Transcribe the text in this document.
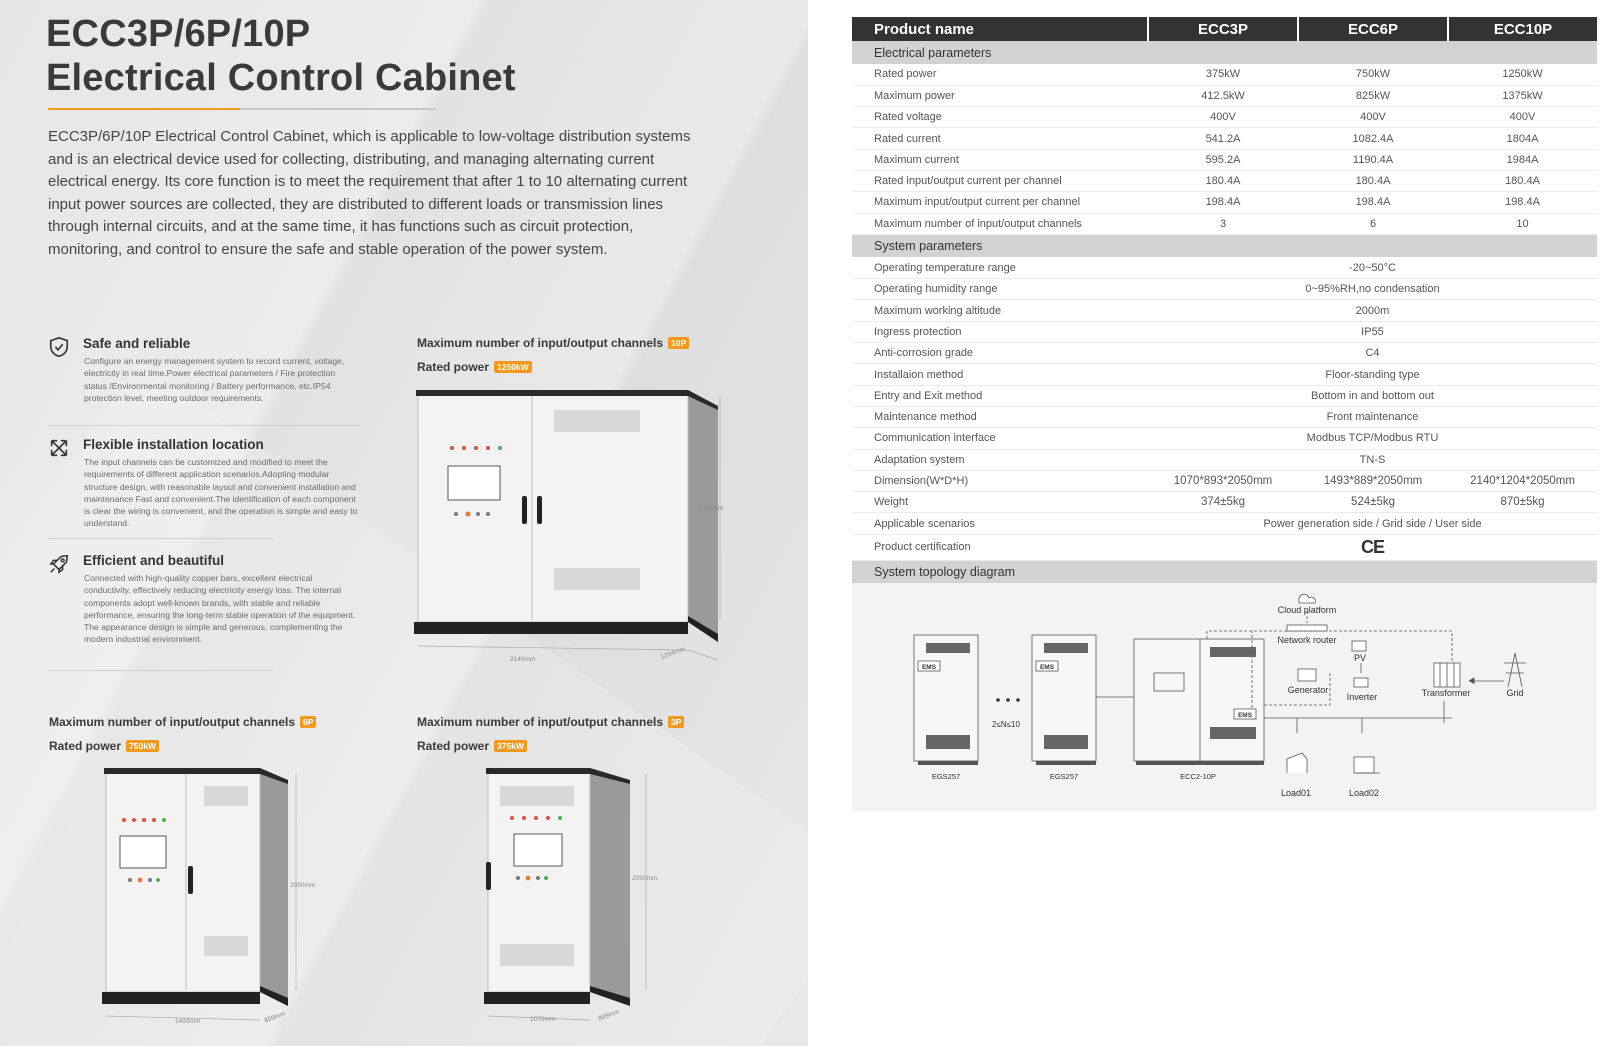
ECC3P/6P/10P
Electrical Control Cabinet

ECC3P/6P/10P Electrical Control Cabinet, which is applicable to low-voltage distribution systems and is an electrical device used for collecting, distributing, and managing alternating current electrical energy. Its core function is to meet the requirement that after 1 to 10 alternating current input power sources are collected, they are distributed to different loads or transmission lines through internal circuits, and at the same time, it has functions such as circuit protection, monitoring, and control to ensure the safe and stable operation of the power system.

Safe and reliable

Configure an energy management system to record current, voltage, electricity in real time.Power electrical parameters / Fire protection status /Environmental monitoring / Battery performance, etc.IP54 protection level, meeting outdoor requirements.

Flexible installation location

The input channels can be customized and modified to meet the requirements of different application scenarios.Adopting modular structure design, with reasonable layout and convenient installation and maintenance Fast and convenient.The identification of each component is clear the wiring is convenient, and the operation is simple and easy to understand.

Efficient and beautiful

Connected with high-quality copper bars, excellent electrical conductivity, effectively reducing electricity energy loss. The internal components adopt well-known brands, with stable and reliable performance, ensuring the long-term stable operation of the equipment. The appearance design is simple and generous, complementing the modern industrial environment.

Maximum number of input/output channels 10P
Rated power 1250kW
2050mm
2140mm	1204mm
Maximum number of input/output channels 6P
Rated power 750kW
2050mm
1493mm	889mm
Maximum number of input/output channels 3P
Rated power 375kW
2050mm
1070mm	889mm
Product name	ECC3P	ECC6P	ECC10P
Electrical parameters			
Rated power	375kW	750kW	1250kW
Maximum power	412.5kW	825kW	1375kW
Rated voltage	400V	400V	400V
Rated current	541.2A	1082.4A	1804A
Maximum current	595.2A	1190.4A	1984A
Rated input/output current per channel	180.4A	180.4A	180.4A
Maximum input/output current per channel	198.4A	198.4A	198.4A
Maximum number of input/output channels	3	6	10
System parameters			
Operating temperature range	-20~50°C		
Operating humidity range	0~95%RH,no condensation		
Maximum working altitude	2000m		
Ingress protection	IP55		
Anti-corrosion grade	C4		
Installaion method	Floor-standing type		
Entry and Exit method	Bottom in and bottom out		
Maintenance method	Front maintenance		
Communication interface	Modbus TCP/Modbus RTU		
Adaptation system	TN-S		
Dimension(W*D*H)	1070*893*2050mm	1493*889*2050mm	2140*1204*2050mm
Weight	374±5kg	524±5kg	870±5kg
Applicable scenarios	Power generation side / Grid side / User side		
Product certification	CE		
System topology diagram			
Cloud platform
Network router
PV
Generator
Inverter	Transformer	Grid
2≤N≤10
EGS257	EGS257	ECC2-10P
Load01	Load02
EMS	EMS
EMS
